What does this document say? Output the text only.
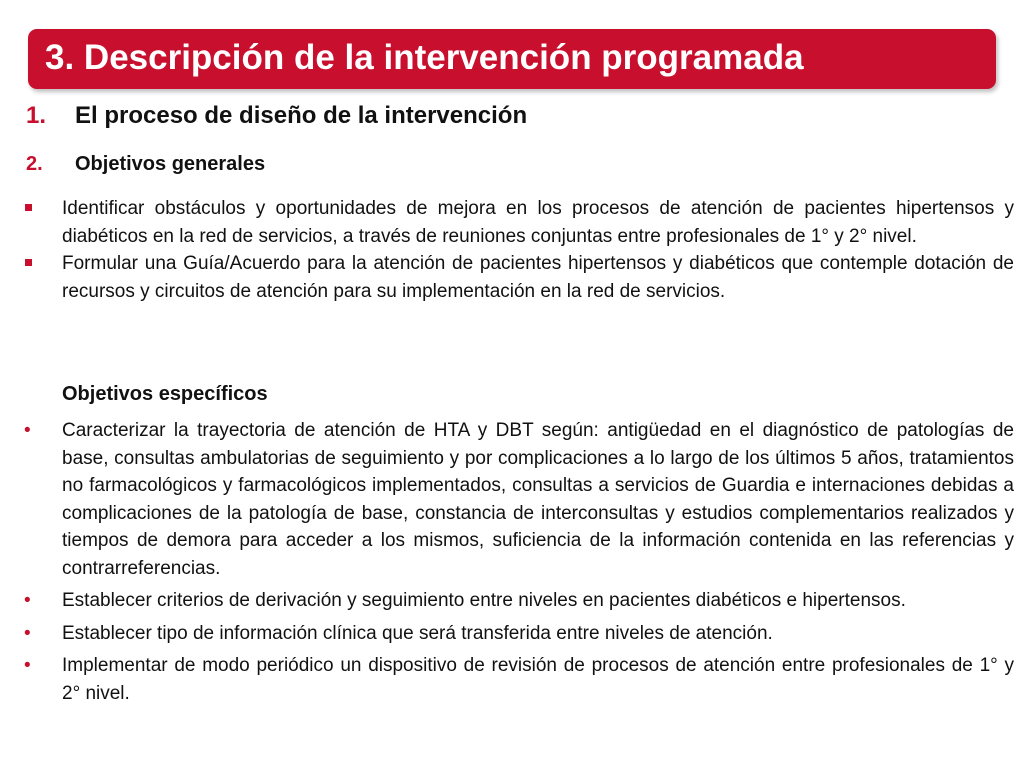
3. Descripción de la intervención programada
1. El proceso de diseño de la intervención
2. Objetivos generales
Identificar obstáculos y oportunidades de mejora en los procesos de atención de pacientes hipertensos y diabéticos en la red de servicios, a través de reuniones conjuntas entre profesionales de 1° y 2° nivel.
Formular una Guía/Acuerdo para la atención de pacientes hipertensos y diabéticos que contemple dotación de recursos y circuitos de atención para su implementación en la red de servicios.
Objetivos específicos
• Caracterizar la trayectoria de atención de HTA y DBT según: antigüedad en el diagnóstico de patologías de base, consultas ambulatorias de seguimiento y por complicaciones a lo largo de los últimos 5 años, tratamientos no farmacológicos y farmacológicos implementados, consultas a servicios de Guardia e internaciones debidas a complicaciones de la patología de base, constancia de interconsultas y estudios complementarios realizados y tiempos de demora para acceder a los mismos, suficiencia de la información contenida en las referencias y contrarreferencias.
• Establecer criterios de derivación y seguimiento entre niveles en pacientes diabéticos e hipertensos.
• Establecer tipo de información clínica que será transferida entre niveles de atención.
• Implementar de modo periódico un dispositivo de revisión de procesos de atención entre profesionales de 1° y 2° nivel.
